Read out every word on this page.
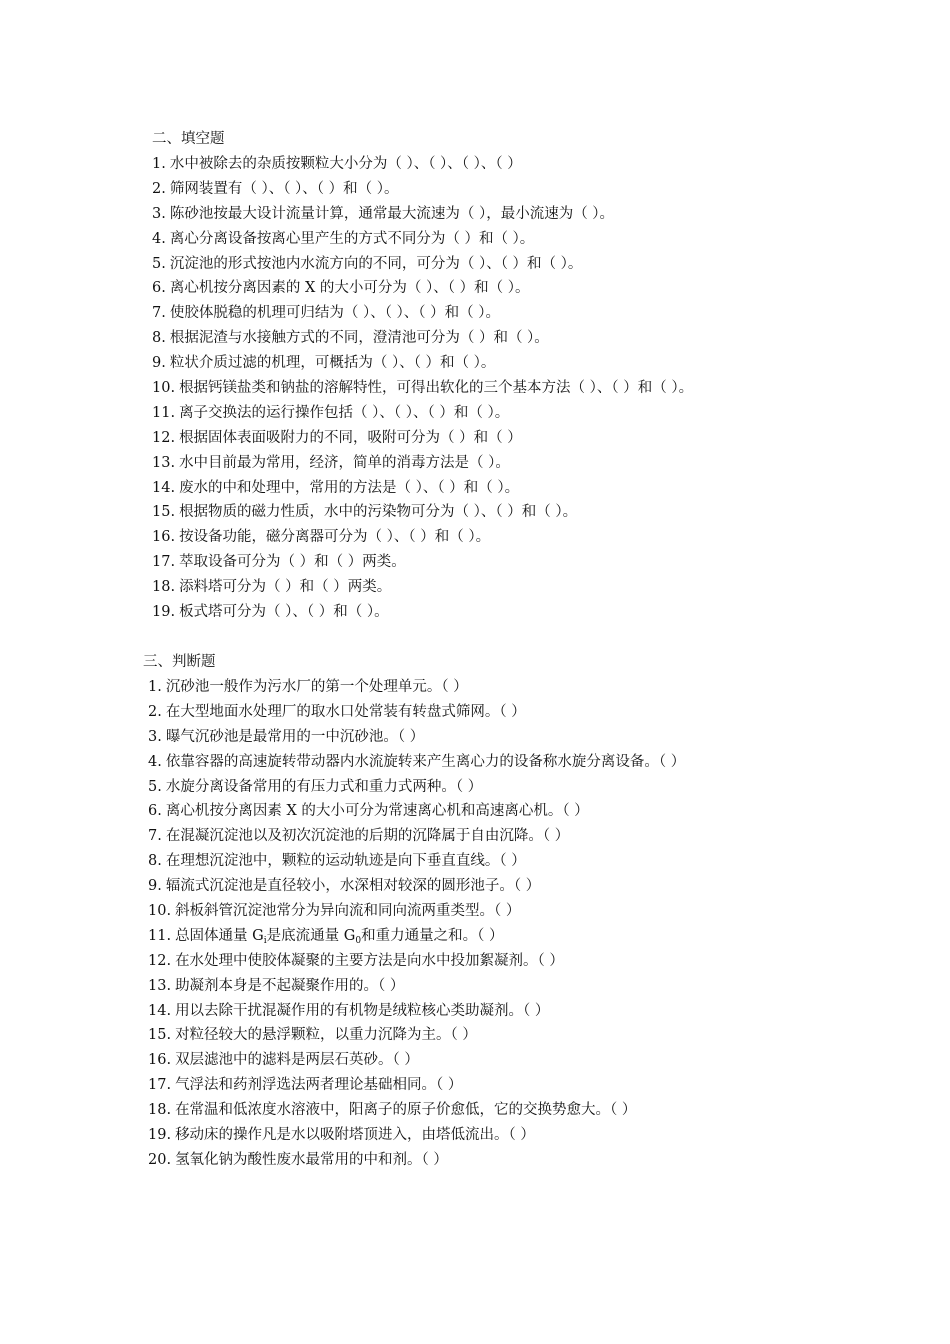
二、填空题
1. 水中被除去的杂质按颗粒大小分为（ ）、（ ）、（ ）、（ ）
2. 筛网装置有（ ）、（ ）、（ ）和（ ）。
3. 陈砂池按最大设计流量计算，通常最大流速为（ ），最小流速为（ ）。
4. 离心分离设备按离心里产生的方式不同分为（ ）和（ ）。
5. 沉淀池的形式按池内水流方向的不同，可分为（ ）、（ ）和（ ）。
6. 离心机按分离因素的 X 的大小可分为（ ）、（ ）和（ ）。
7. 使胶体脱稳的机理可归结为（ ）、（ ）、（ ）和（ ）。
8. 根据泥渣与水接触方式的不同，澄清池可分为（ ）和（ ）。
9. 粒状介质过滤的机理，可概括为（ ）、（ ）和（ ）。
10. 根据钙镁盐类和钠盐的溶解特性，可得出软化的三个基本方法（ ）、（ ）和（ ）。
11. 离子交换法的运行操作包括（ ）、（ ）、（ ）和（ ）。
12. 根据固体表面吸附力的不同，吸附可分为（ ）和（ ）
13. 水中目前最为常用，经济，简单的消毒方法是（ ）。
14. 废水的中和处理中，常用的方法是（ ）、（ ）和（ ）。
15. 根据物质的磁力性质，水中的污染物可分为（ ）、（ ）和（ ）。
16. 按设备功能，磁分离器可分为（ ）、（ ）和（ ）。
17. 萃取设备可分为（ ）和（ ）两类。
18. 添料塔可分为（ ）和（ ）两类。
19. 板式塔可分为（ ）、（ ）和（ ）。
三、判断题
1. 沉砂池一般作为污水厂的第一个处理单元。（ ）
2. 在大型地面水处理厂的取水口处常装有转盘式筛网。（ ）
3. 曝气沉砂池是最常用的一中沉砂池。（ ）
4. 依靠容器的高速旋转带动器内水流旋转来产生离心力的设备称水旋分离设备。（ ）
5. 水旋分离设备常用的有压力式和重力式两种。（ ）
6. 离心机按分离因素 X 的大小可分为常速离心机和高速离心机。（ ）
7. 在混凝沉淀池以及初次沉淀池的后期的沉降属于自由沉降。（ ）
8. 在理想沉淀池中，颗粒的运动轨迹是向下垂直直线。（ ）
9. 辐流式沉淀池是直径较小，水深相对较深的圆形池子。（ ）
10. 斜板斜管沉淀池常分为异向流和同向流两重类型。（ ）
11. 总固体通量 $G_i$是底流通量 $G_0$和重力通量之和。（ ）
12. 在水处理中使胶体凝聚的主要方法是向水中投加絮凝剂。（ ）
13. 助凝剂本身是不起凝聚作用的。（ ）
14. 用以去除干扰混凝作用的有机物是绒粒核心类助凝剂。（ ）
15. 对粒径较大的悬浮颗粒，以重力沉降为主。（ ）
16. 双层滤池中的滤料是两层石英砂。（ ）
17. 气浮法和药剂浮选法两者理论基础相同。（ ）
18. 在常温和低浓度水溶液中，阳离子的原子价愈低，它的交换势愈大。（ ）
19. 移动床的操作凡是水以吸附塔顶进入，由塔低流出。（ ）
20. 氢氧化钠为酸性废水最常用的中和剂。（ ）
